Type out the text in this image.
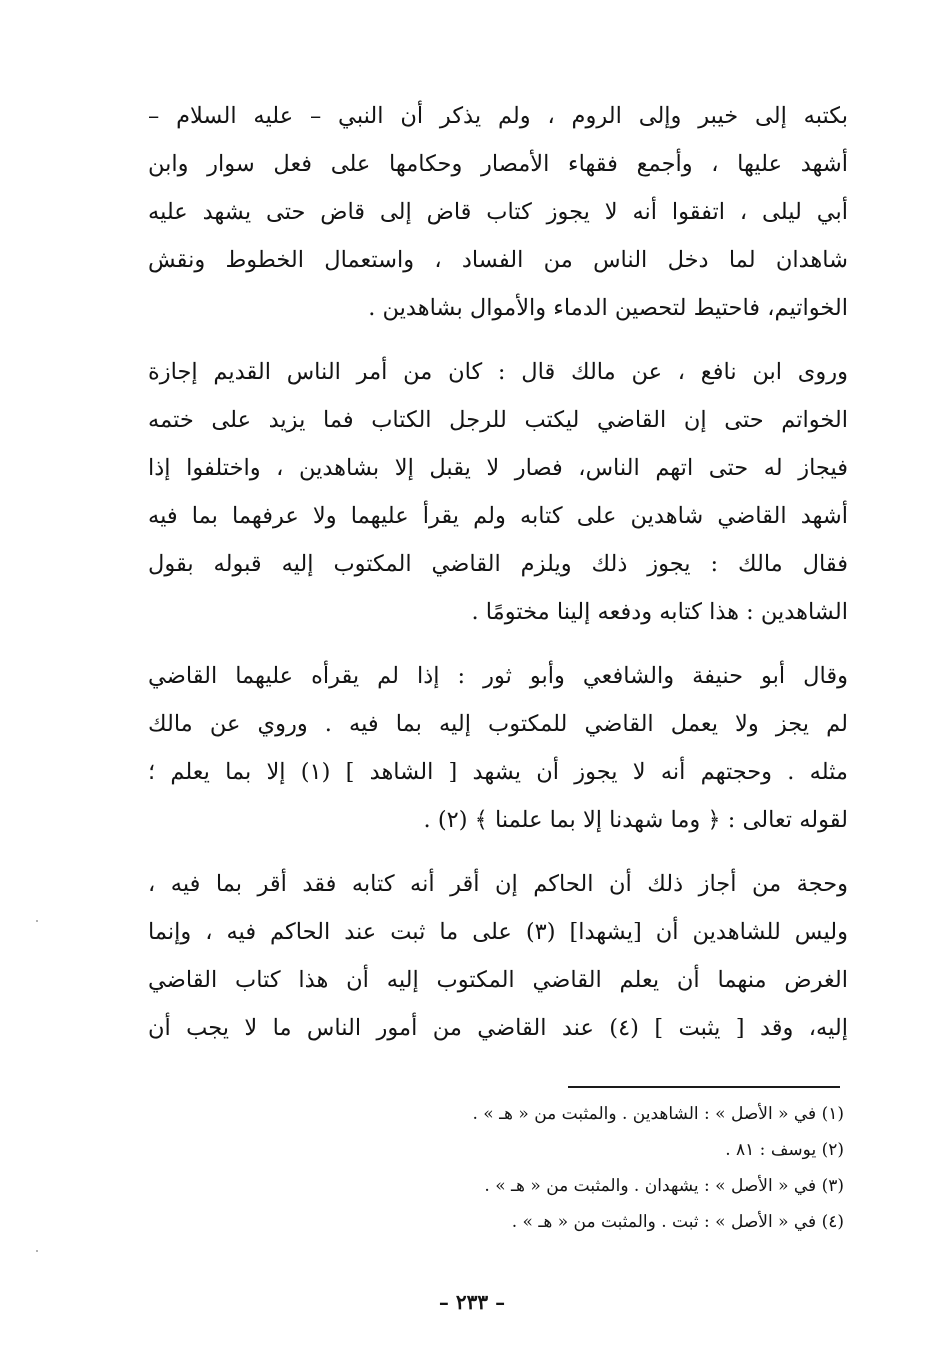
بكتبه إلى خيبر وإلى الروم ، ولم يذكر أن النبي – عليه السلام –
أشهد عليها ، وأجمع فقهاء الأمصار وحكامها على فعل سوار وابن
أبي ليلى ، اتفقوا أنه لا يجوز كتاب قاض إلى قاض حتى يشهد عليه
شاهدان لما دخل الناس من الفساد ، واستعمال الخطوط ونقش
الخواتيم، فاحتيط لتحصين الدماء والأموال بشاهدين .
وروى ابن نافع ، عن مالك قال : كان من أمر الناس القديم إجازة
الخواتم حتى إن القاضي ليكتب للرجل الكتاب فما يزيد على ختمه
فيجاز له حتى اتهم الناس، فصار لا يقبل إلا بشاهدين ، واختلفوا إذا
أشهد القاضي شاهدين على كتابه ولم يقرأ عليهما ولا عرفهما بما فيه
فقال مالك : يجوز ذلك ويلزم القاضي المكتوب إليه قبوله بقول
الشاهدين : هذا كتابه ودفعه إلينا مختومًا .
وقال أبو حنيفة والشافعي وأبو ثور : إذا لم يقرأه عليهما القاضي
لم يجز ولا يعمل القاضي للمكتوب إليه بما فيه . وروي عن مالك
مثله . وحجتهم أنه لا يجوز أن يشهد [ الشاهد ] (١) إلا بما يعلم ؛
لقوله تعالى : ﴿ وما شهدنا إلا بما علمنا ﴾ (٢) .
وحجة من أجاز ذلك أن الحاكم إن أقر أنه كتابه فقد أقر بما فيه ،
وليس للشاهدين أن [يشهدا] (٣) على ما ثبت عند الحاكم فيه ، وإنما
الغرض منهما أن يعلم القاضي المكتوب إليه أن هذا كتاب القاضي
إليه، وقد [ يثبت ] (٤) عند القاضي من أمور الناس ما لا يجب أن
(١) في « الأصل » : الشاهدين . والمثبت من « هـ » .
(٢) يوسف : ٨١ .
(٣) في « الأصل » : يشهدان . والمثبت من « هـ » .
(٤) في « الأصل » : ثبت . والمثبت من « هـ » .
– ٢٣٣ –
